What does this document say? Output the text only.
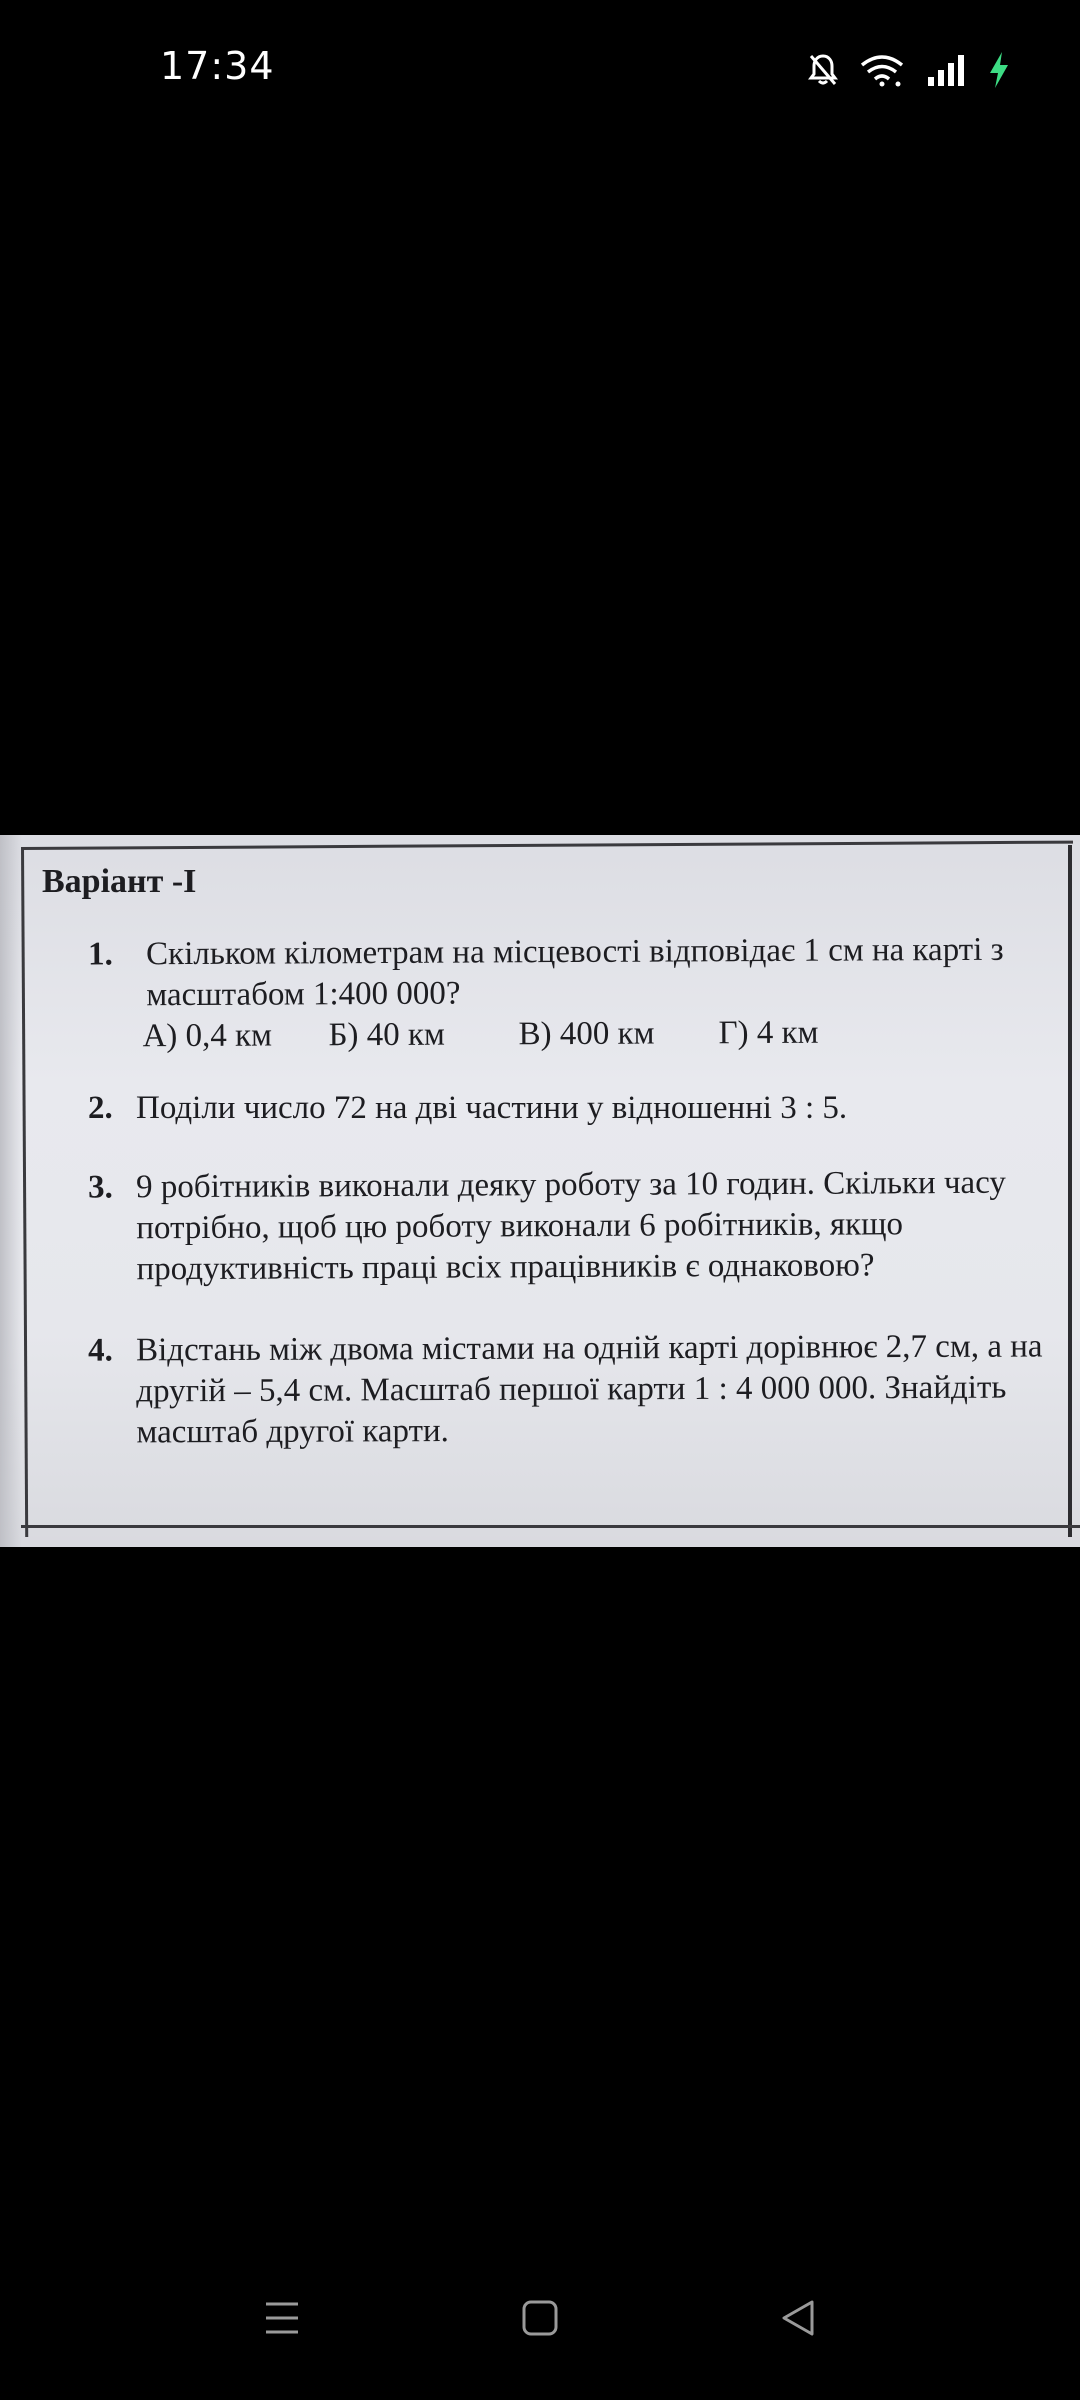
17:34
Варіант -I
1. Скільком кілометрам на місцевості відповідає 1 см на карті з масштабом 1:400 000?
А) 0,4 км Б) 40 км В) 400 км Г) 4 км
2. Поділи число 72 на дві частини у відношенні 3 : 5.
3. 9 робітників виконали деяку роботу за 10 годин. Скільки часу потрібно, щоб цю роботу виконали 6 робітників, якщо продуктивність праці всіх працівників є однаковою?
4. Відстань між двома містами на одній карті дорівнює 2,7 см, а на другій – 5,4 см. Масштаб першої карти 1 : 4 000 000. Знайдіть масштаб другої карти.
